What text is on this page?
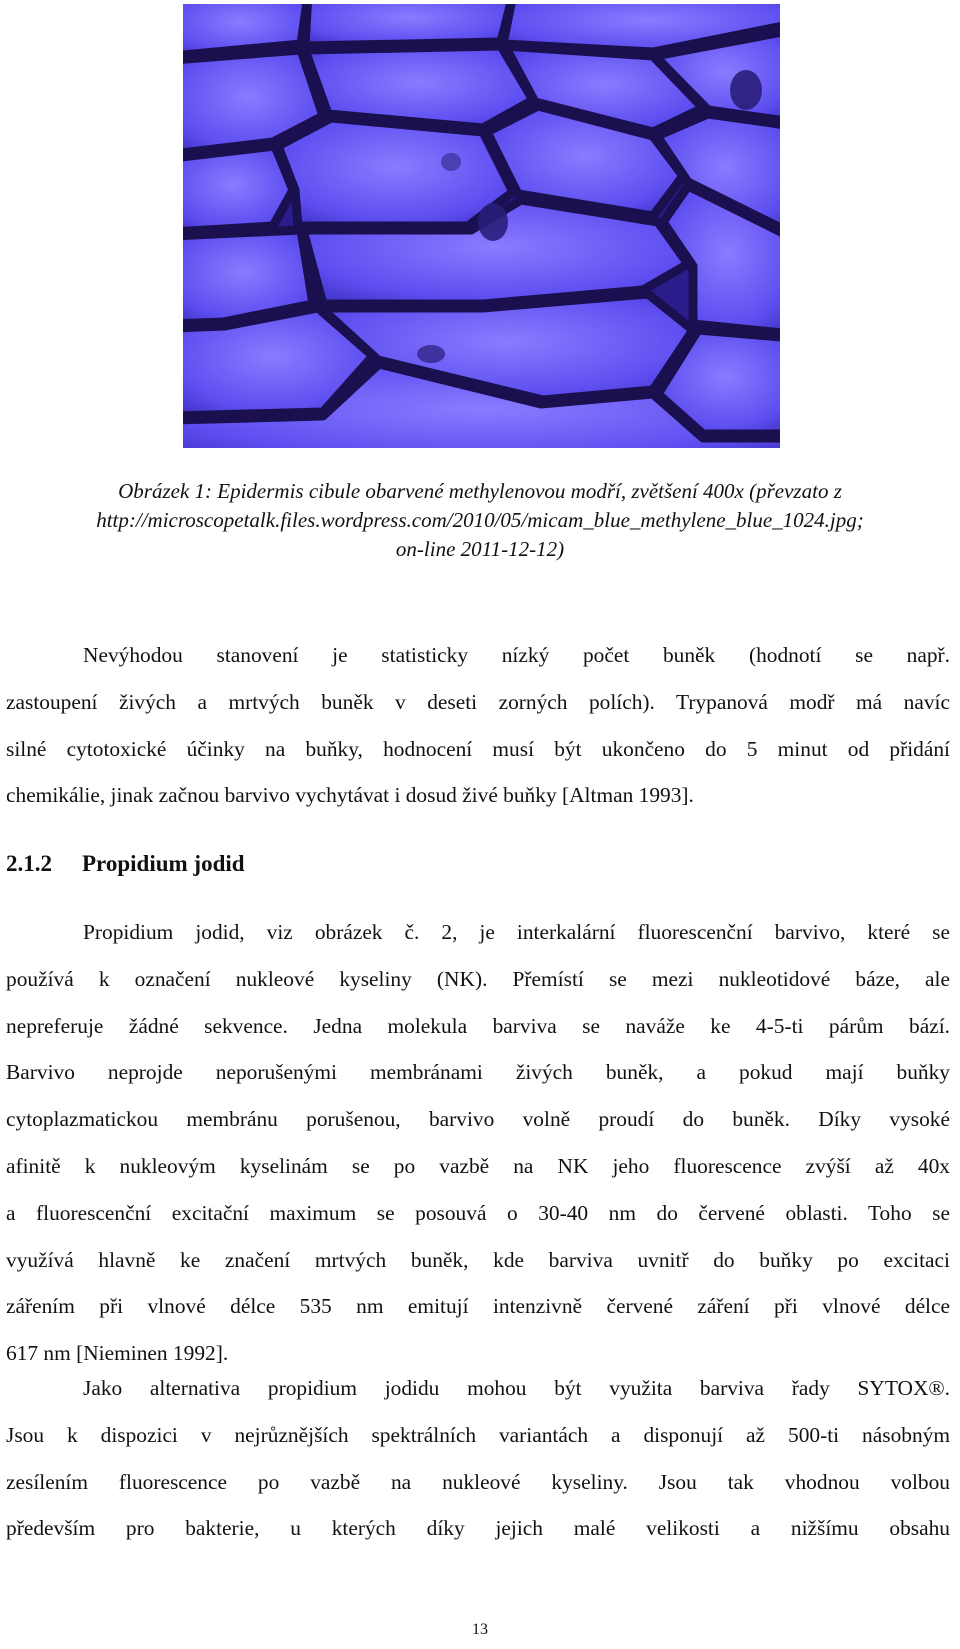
Obrázek 1: Epidermis cibule obarvené methylenovou modří, zvětšení 400x (převzato z
http://microscopetalk.files.wordpress.com/2010/05/micam_blue_methylene_blue_1024.jpg;
on-line 2011-12-12)
Nevýhodou stanovení je statisticky nízký počet buněk (hodnotí se např.
zastoupení živých a mrtvých buněk v deseti zorných polích). Trypanová modř má navíc
silné cytotoxické účinky na buňky, hodnocení musí být ukončeno do 5 minut od přidání
chemikálie, jinak začnou barvivo vychytávat i dosud živé buňky [Altman 1993].
2.1.2 Propidium jodid
Propidium jodid, viz obrázek č. 2, je interkalární fluorescenční barvivo, které se
používá k označení nukleové kyseliny (NK). Přemístí se mezi nukleotidové báze, ale
nepreferuje žádné sekvence. Jedna molekula barviva se naváže ke 4-5-ti párům bází.
Barvivo neprojde neporušenými membránami živých buněk, a pokud mají buňky
cytoplazmatickou membránu porušenou, barvivo volně proudí do buněk. Díky vysoké
afinitě k nukleovým kyselinám se po vazbě na NK jeho fluorescence zvýší až 40x
a fluorescenční excitační maximum se posouvá o 30-40 nm do červené oblasti. Toho se
využívá hlavně ke značení mrtvých buněk, kde barviva uvnitř do buňky po excitaci
zářením při vlnové délce 535 nm emitují intenzivně červené záření při vlnové délce
617 nm [Nieminen 1992].
Jako alternativa propidium jodidu mohou být využita barviva řady SYTOX®.
Jsou k dispozici v nejrůznějších spektrálních variantách a disponují až 500-ti násobným
zesílením fluorescence po vazbě na nukleové kyseliny. Jsou tak vhodnou volbou
především pro bakterie, u kterých díky jejich malé velikosti a nižšímu obsahu
13
